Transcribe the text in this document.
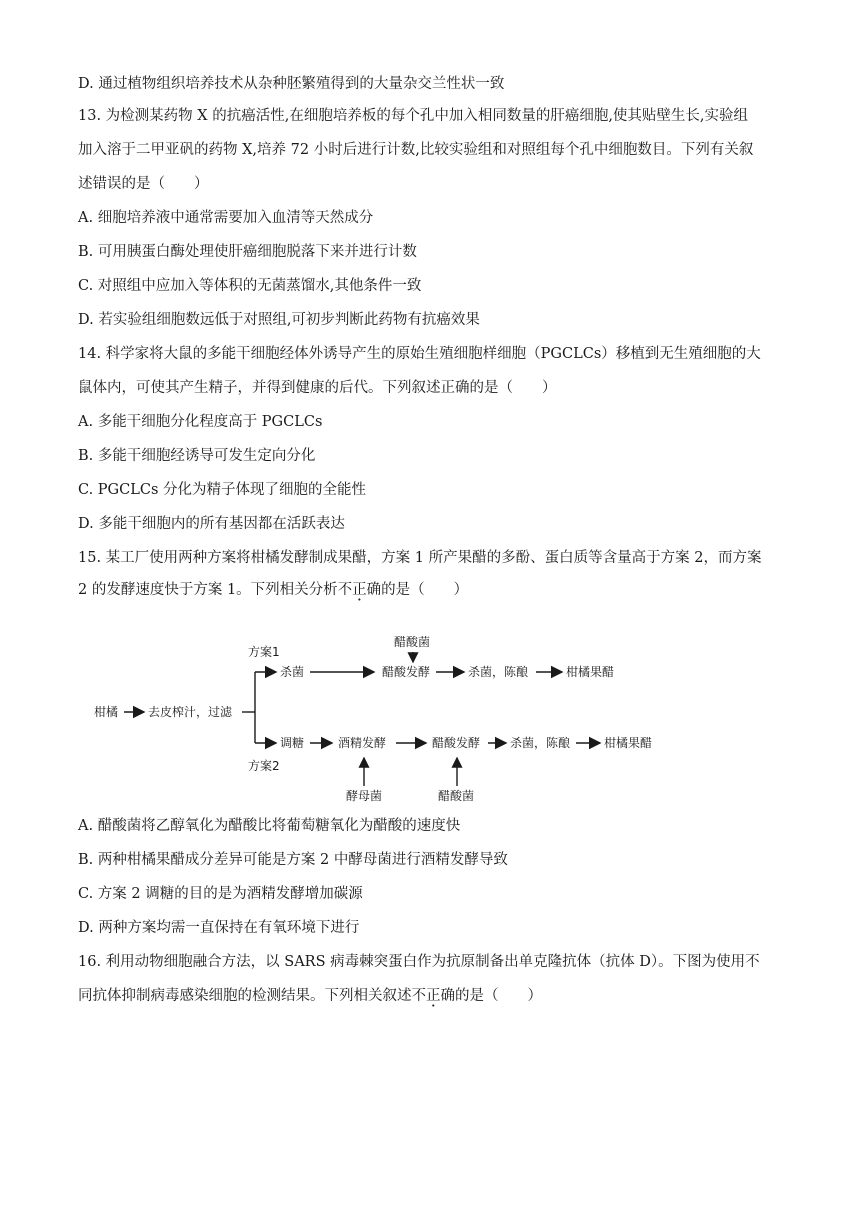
D. 通过植物组织培养技术从杂种胚繁殖得到的大量杂交兰性状一致
13. 为检测某药物 X 的抗癌活性,在细胞培养板的每个孔中加入相同数量的肝癌细胞,使其贴壁生长,实验组
加入溶于二甲亚矾的药物 X,培养 72 小时后进行计数,比较实验组和对照组每个孔中细胞数目。下列有关叙
述错误的是（　　）
A. 细胞培养液中通常需要加入血清等天然成分
B. 可用胰蛋白酶处理使肝癌细胞脱落下来并进行计数
C. 对照组中应加入等体积的无菌蒸馏水,其他条件一致
D. 若实验组细胞数远低于对照组,可初步判断此药物有抗癌效果
14. 科学家将大鼠的多能干细胞经体外诱导产生的原始生殖细胞样细胞（PGCLCs）移植到无生殖细胞的大
鼠体内，可使其产生精子，并得到健康的后代。下列叙述正确的是（　　）
A. 多能干细胞分化程度高于 PGCLCs
B. 多能干细胞经诱导可发生定向分化
C. PGCLCs 分化为精子体现了细胞的全能性
D. 多能干细胞内的所有基因都在活跃表达
15. 某工厂使用两种方案将柑橘发酵制成果醋，方案 1 所产果醋的多酚、蛋白质等含量高于方案 2，而方案
2 的发酵速度快于方案 1。下列相关分析不正确的是（　　）
柑橘 去皮榨汁，过滤
方案1
方案2
杀菌	醋酸发酵
醋酸菌
杀菌，陈酿	柑橘果醋
调糖	酒精发酵
酵母菌
醋酸发酵
醋酸菌
杀菌，陈酿	柑橘果醋
A. 醋酸菌将乙醇氧化为醋酸比将葡萄糖氧化为醋酸的速度快
B. 两种柑橘果醋成分差异可能是方案 2 中酵母菌进行酒精发酵导致
C. 方案 2 调糖的目的是为酒精发酵增加碳源
D. 两种方案均需一直保持在有氧环境下进行
16. 利用动物细胞融合方法，以 SARS 病毒棘突蛋白作为抗原制备出单克隆抗体（抗体 D）。下图为使用不
同抗体抑制病毒感染细胞的检测结果。下列相关叙述不正确的是（　　）
